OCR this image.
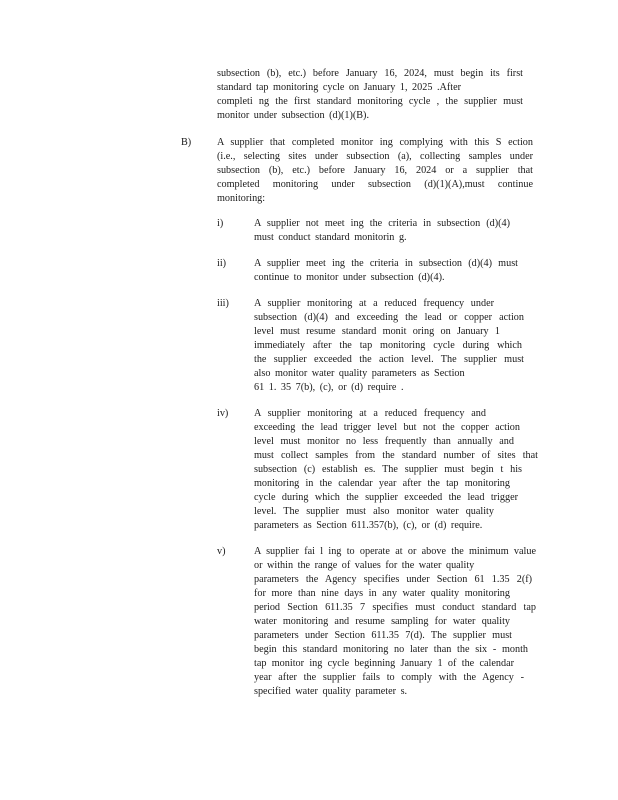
subsection (b), etc.) before January 16, 2024, must begin its first
standard tap monitoring cycle on January 1, 2025 .After
completi ng the first standard monitoring cycle , the supplier must
monitor under subsection (d)(1)(B).
B)	A supplier that completed monitor ing complying with this S ection
(i.e., selecting sites under subsection (a), collecting samples under
subsection (b), etc.) before January 16, 2024 or a supplier that
completed monitoring under subsection (d)(1)(A),must continue
monitoring:
i)	A supplier not meet ing the criteria in subsection (d)(4)
must conduct standard monitorin g.
ii)	A supplier meet ing the criteria in subsection (d)(4) must
continue to monitor under subsection (d)(4).
iii) A supplier monitoring at a reduced frequency under
subsection (d)(4) and exceeding the lead or copper action
level must resume standard monit oring on January 1
immediately after the tap monitoring cycle during which
the supplier exceeded the action level. The supplier must
also monitor water quality parameters as Section
61 1. 35 7(b), (c), or (d) require .
iv)	A supplier monitoring at a reduced frequency and
exceeding the lead trigger level but not the copper action
level must monitor no less frequently than annually and
must collect samples from the standard number of sites that
subsection (c) establish es. The supplier must begin t his
monitoring in the calendar year after the tap monitoring
cycle during which the supplier exceeded the lead trigger
level. The supplier must also monitor water quality
parameters as Section 611.357(b), (c), or (d) require.
v)	A supplier fai l ing to operate at or above the minimum value
or within the range of values for the water quality
parameters the Agency specifies under Section 61 1.35 2(f)
for more than nine days in any water quality monitoring
period Section 611.35 7 specifies must conduct standard tap
water monitoring and resume sampling for water quality
parameters under Section 611.35 7(d). The supplier must
begin this standard monitoring no later than the six - month
tap monitor ing cycle beginning January 1 of the calendar
year after the supplier fails to comply with the Agency -
specified water quality parameter s.
